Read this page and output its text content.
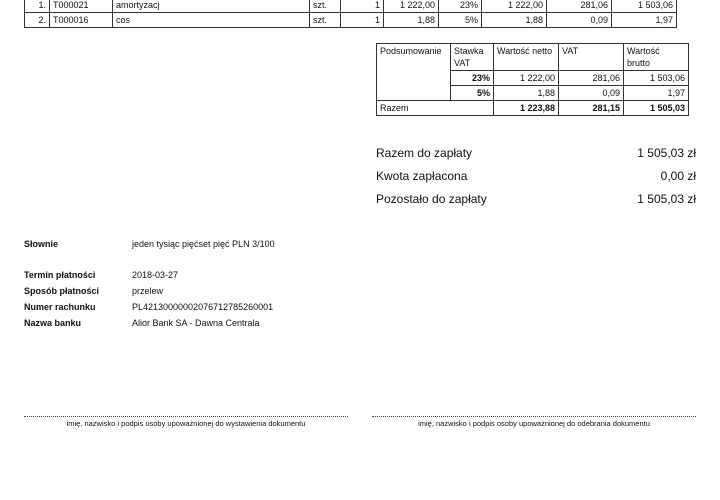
1.	T000021	amortyzacj	szt.	1	1 222,00	23%	1 222,00	281,06	1 503,06
2.	T000016	cos	szt.	1	1,88	5%	1,88	0,09	1,97
Podsumowanie	Stawka VAT	Wartość netto	VAT	Wartość brutto
	23%	1 222,00	281,06	1 503,06
	5%	1,88	0,09	1,97
Razem		1 223,88	281,15	1 505,03
Razem do zapłaty	1 505,03 zł
Kwota zapłacona	0,00 zł
Pozostało do zapłaty	1 505,03 zł
Słownie	jeden tysiąc pięćset pięć PLN 3/100
Termin płatności	2018-03-27
Sposób płatności	przelew
Numer rachunku	PL42130000002076712785260001
Nazwa banku	Alior Bank SA - Dawna Centrala
imię, nazwisko i podpis osoby upoważnionej do wystawienia dokumentu	imię, nazwisko i podpis osoby upoważnionej do odebrania dokumentu
